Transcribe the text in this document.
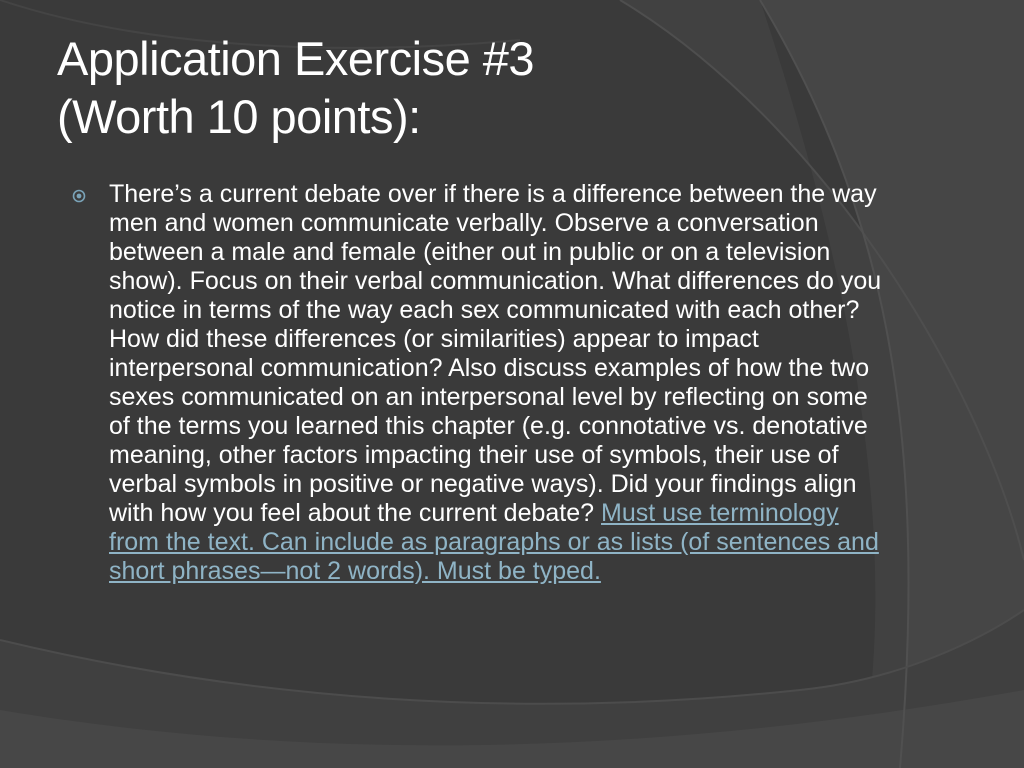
Application Exercise #3
(Worth 10 points):

There’s a current debate over if there is a difference between the way men and women communicate verbally. Observe a conversation between a male and female (either out in public or on a television show). Focus on their verbal communication. What differences do you notice in terms of the way each sex communicated with each other? How did these differences (or similarities) appear to impact interpersonal communication? Also discuss examples of how the two sexes communicated on an interpersonal level by reflecting on some of the terms you learned this chapter (e.g. connotative vs. denotative meaning, other factors impacting their use of symbols, their use of verbal symbols in positive or negative ways). Did your findings align with how you feel about the current debate? Must use terminology from the text. Can include as paragraphs or as lists (of sentences and short phrases—not 2 words). Must be typed.
